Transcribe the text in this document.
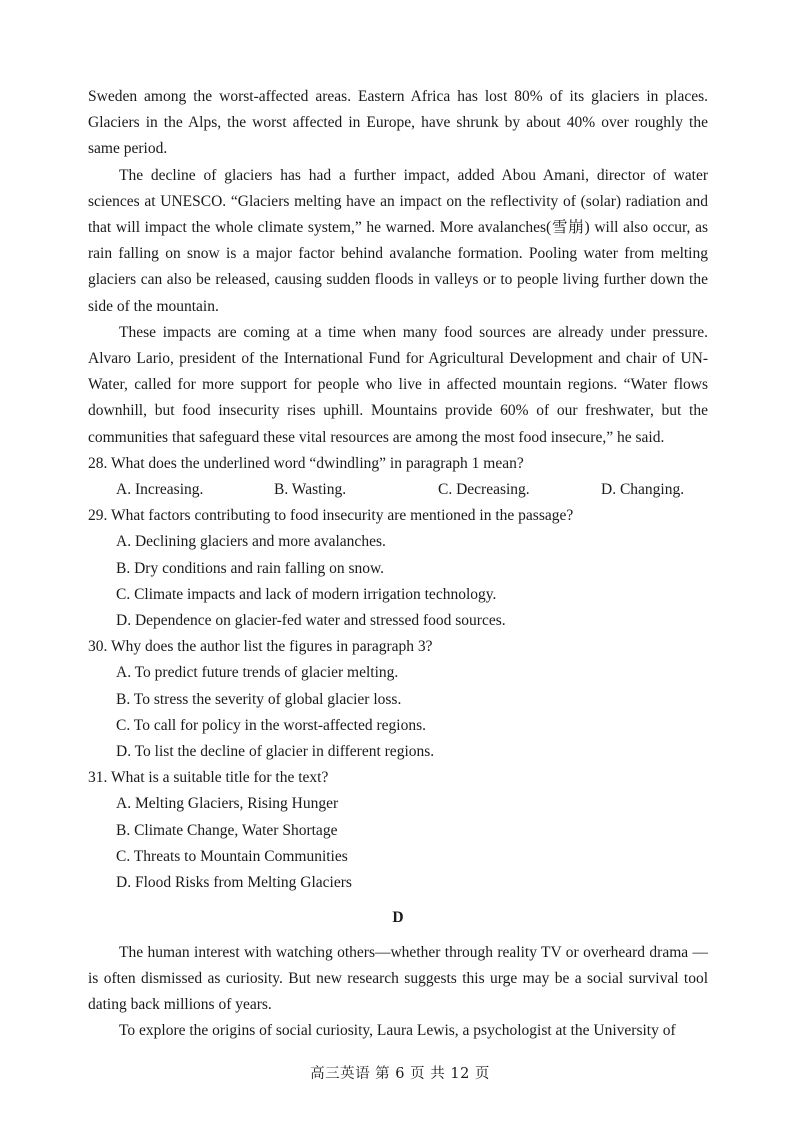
Sweden among the worst-affected areas. Eastern Africa has lost 80% of its glaciers in places. Glaciers in the Alps, the worst affected in Europe, have shrunk by about 40% over roughly the same period.

The decline of glaciers has had a further impact, added Abou Amani, director of water sciences at UNESCO. “Glaciers melting have an impact on the reflectivity of (solar) radiation and that will impact the whole climate system,” he warned. More avalanches(雪崩) will also occur, as rain falling on snow is a major factor behind avalanche formation. Pooling water from melting glaciers can also be released, causing sudden floods in valleys or to people living further down the side of the mountain.

These impacts are coming at a time when many food sources are already under pressure. Alvaro Lario, president of the International Fund for Agricultural Development and chair of UN-Water, called for more support for people who live in affected mountain regions. “Water flows downhill, but food insecurity rises uphill. Mountains provide 60% of our freshwater, but the communities that safeguard these vital resources are among the most food insecure,” he said.

28. What does the underlined word “dwindling” in paragraph 1 mean?

A. Increasing.	B. Wasting.	C. Decreasing.	D. Changing.

29. What factors contributing to food insecurity are mentioned in the passage?

A. Declining glaciers and more avalanches.

B. Dry conditions and rain falling on snow.

C. Climate impacts and lack of modern irrigation technology.

D. Dependence on glacier-fed water and stressed food sources.

30. Why does the author list the figures in paragraph 3?

A. To predict future trends of glacier melting.

B. To stress the severity of global glacier loss.

C. To call for policy in the worst-affected regions.

D. To list the decline of glacier in different regions.

31. What is a suitable title for the text?

A. Melting Glaciers, Rising Hunger

B. Climate Change, Water Shortage

C. Threats to Mountain Communities

D. Flood Risks from Melting Glaciers

D

The human interest with watching others—whether through reality TV or overheard drama —is often dismissed as curiosity. But new research suggests this urge may be a social survival tool dating back millions of years.

To explore the origins of social curiosity, Laura Lewis, a psychologist at the University of

高三英语 第 6 页 共 12 页
